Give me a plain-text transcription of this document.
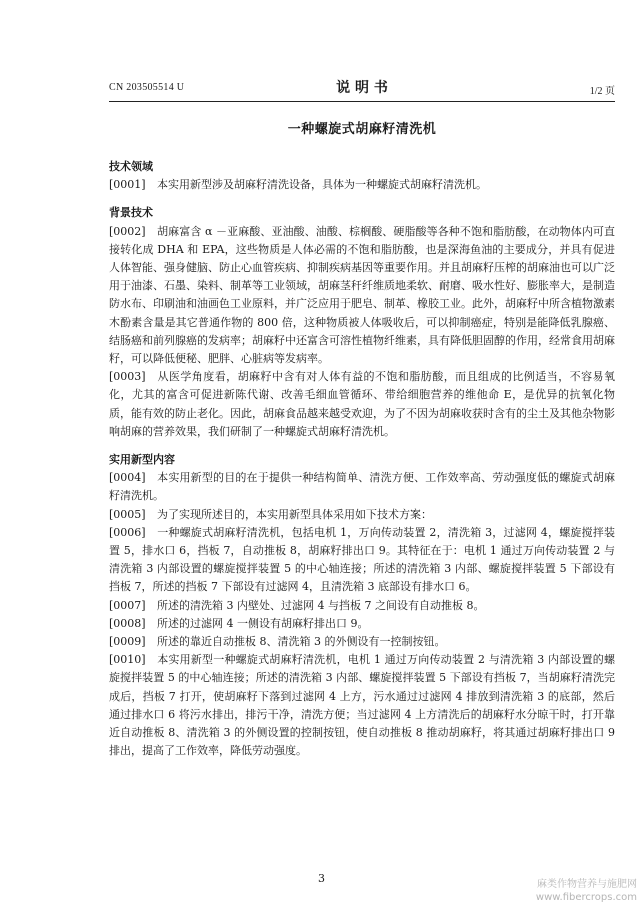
CN 203505514 U	说 明 书	1/2 页
一种螺旋式胡麻籽清洗机
技术领域

[0001] 本实用新型涉及胡麻籽清洗设备，具体为一种螺旋式胡麻籽清洗机。

背景技术

[0002] 胡麻富含 α －亚麻酸、亚油酸、油酸、棕榈酸、硬脂酸等各种不饱和脂肪酸，在动物体内可直接转化成 DHA 和 EPA，这些物质是人体必需的不饱和脂肪酸，也是深海鱼油的主要成分，并具有促进人体智能、强身健脑、防止心血管疾病、抑制疾病基因等重要作用。并且胡麻籽压榨的胡麻油也可以广泛用于油漆、石墨、染料、制革等工业领域，胡麻茎秆纤维质地柔软、耐磨、吸水性好、膨胀率大，是制造防水布、印刷油和油画色工业原料，并广泛应用于肥皂、制革、橡胶工业。此外，胡麻籽中所含植物激素木酚素含量是其它普通作物的 800 倍，这种物质被人体吸收后，可以抑制癌症，特别是能降低乳腺癌、结肠癌和前列腺癌的发病率；胡麻籽中还富含可溶性植物纤维素，具有降低胆固醇的作用，经常食用胡麻籽，可以降低便秘、肥胖、心脏病等发病率。

[0003] 从医学角度看，胡麻籽中含有对人体有益的不饱和脂肪酸，而且组成的比例适当，不容易氧化，尤其的富含可促进新陈代谢、改善毛细血管循环、带给细胞营养的维他命 E，是优异的抗氧化物质，能有效的防止老化。因此，胡麻食品越来越受欢迎，为了不因为胡麻收获时含有的尘土及其他杂物影响胡麻的营养效果，我们研制了一种螺旋式胡麻籽清洗机。

实用新型内容

[0004] 本实用新型的目的在于提供一种结构简单、清洗方便、工作效率高、劳动强度低的螺旋式胡麻籽清洗机。

[0005] 为了实现所述目的，本实用新型具体采用如下技术方案：

[0006] 一种螺旋式胡麻籽清洗机，包括电机 1，万向传动装置 2，清洗箱 3，过滤网 4，螺旋搅拌装置 5，排水口 6，挡板 7，自动推板 8，胡麻籽排出口 9。其特征在于：电机 1 通过万向传动装置 2 与清洗箱 3 内部设置的螺旋搅拌装置 5 的中心轴连接；所述的清洗箱 3 内部、螺旋搅拌装置 5 下部设有挡板 7，所述的挡板 7 下部设有过滤网 4，且清洗箱 3 底部设有排水口 6。

[0007] 所述的清洗箱 3 内壁处、过滤网 4 与挡板 7 之间设有自动推板 8。

[0008] 所述的过滤网 4 一侧设有胡麻籽排出口 9。

[0009] 所述的靠近自动推板 8、清洗箱 3 的外侧设有一控制按钮。

[0010] 本实用新型一种螺旋式胡麻籽清洗机，电机 1 通过万向传动装置 2 与清洗箱 3 内部设置的螺旋搅拌装置 5 的中心轴连接；所述的清洗箱 3 内部、螺旋搅拌装置 5 下部设有挡板 7，当胡麻籽清洗完成后，挡板 7 打开，使胡麻籽下落到过滤网 4 上方，污水通过过滤网 4 排放到清洗箱 3 的底部，然后通过排水口 6 将污水排出，排污干净，清洗方便；当过滤网 4 上方清洗后的胡麻籽水分晾干时，打开靠近自动推板 8、清洗箱 3 的外侧设置的控制按钮，使自动推板 8 推动胡麻籽，将其通过胡麻籽排出口 9 排出，提高了工作效率，降低劳动强度。

3	麻类作物营养与施肥网
www.fibercrops.com
